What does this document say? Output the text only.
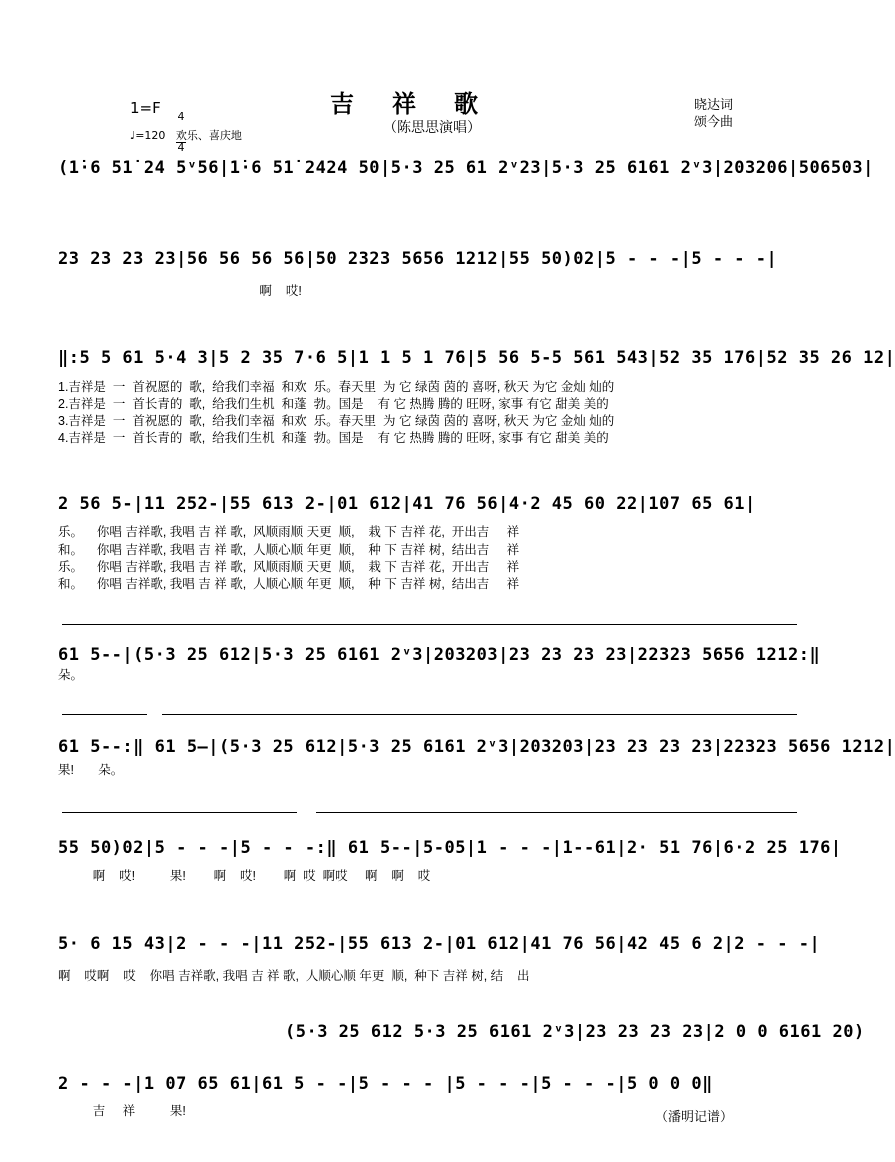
吉祥歌
（陈思思演唱）
1=F

4

4

♩=120   欢乐、喜庆地
晓达词
颂今曲
(1̇·6 51̇ 24 5ᵛ56|1̇·6 51̇ 2424 50|5·3 25 61 2ᵛ23|5·3 25 6161 2ᵛ3|203206|506503|
23 23 23 23|56 56 56 56|50 2323 5656 1212|55 50)02|5 - - -|5 - - -|
啊    哎!
‖:5 5 61 5·4 3|5 2 35 7·6 5|1 1 5 1 76|5 56 5-5 561 543|52 35 176|52 35 26 12|
1.吉祥是  一  首祝愿的  歌,  给我们幸福  和欢  乐。春天里  为 它 绿茵 茵的 喜呀, 秋天 为它 金灿 灿的
2.吉祥是  一  首长青的  歌,  给我们生机  和蓬  勃。国是    有 它 热腾 腾的 旺呀, 家事 有它 甜美 美的
3.吉祥是  一  首祝愿的  歌,  给我们幸福  和欢  乐。春天里  为 它 绿茵 茵的 喜呀, 秋天 为它 金灿 灿的
4.吉祥是  一  首长青的  歌,  给我们生机  和蓬  勃。国是    有 它 热腾 腾的 旺呀, 家事 有它 甜美 美的
2 56 5-|11 252-|55 613 2-|01 612|41 76 56|4·2 45 60 22|107 65 61|
乐。    你唱 吉祥歌, 我唱 吉 祥 歌,  风顺雨顺 天更  顺,    栽 下 吉祥 花,  开出吉     祥
和。    你唱 吉祥歌, 我唱 吉 祥 歌,  人顺心顺 年更  顺,    种 下 吉祥 树,  结出吉     祥
乐。    你唱 吉祥歌, 我唱 吉 祥 歌,  风顺雨顺 天更  顺,    栽 下 吉祥 花,  开出吉     祥
和。    你唱 吉祥歌, 我唱 吉 祥 歌,  人顺心顺 年更  顺,    种 下 吉祥 树,  结出吉     祥
61 5--|(5·3 25 612|5·3 25 6161 2ᵛ3|203203|23 23 23 23|22323 5656 1212:‖
朵。
61 5--:‖ 61 5—|(5·3 25 612|5·3 25 6161 2ᵛ3|203203|23 23 23 23|22323 5656 1212|
果!       朵。
55 50)02|5 - - -|5 - - -:‖ 61 5--|5-05|1 - - -|1--61|2· 51 76|6·2 25 176|
啊    哎!          果!        啊    哎!        啊  哎  啊哎     啊    啊    哎
5· 6 15 43|2 - - -|11 252-|55 613 2-|01 612|41 76 56|42 45 6 2|2 - - -|
啊    哎啊    哎    你唱 吉祥歌, 我唱 吉 祥 歌,  人顺心顺 年更  顺,  种下 吉祥 树, 结    出
(5·3 25 612 5·3 25 6161 2ᵛ3|23 23 23 23|2 0 0 6161 20)
2 - - -|1 07 65 61|61 5 - -|5 - - - |5 - - -|5 - - -|5 0 0 0‖
吉     祥          果!	（潘明记谱）
